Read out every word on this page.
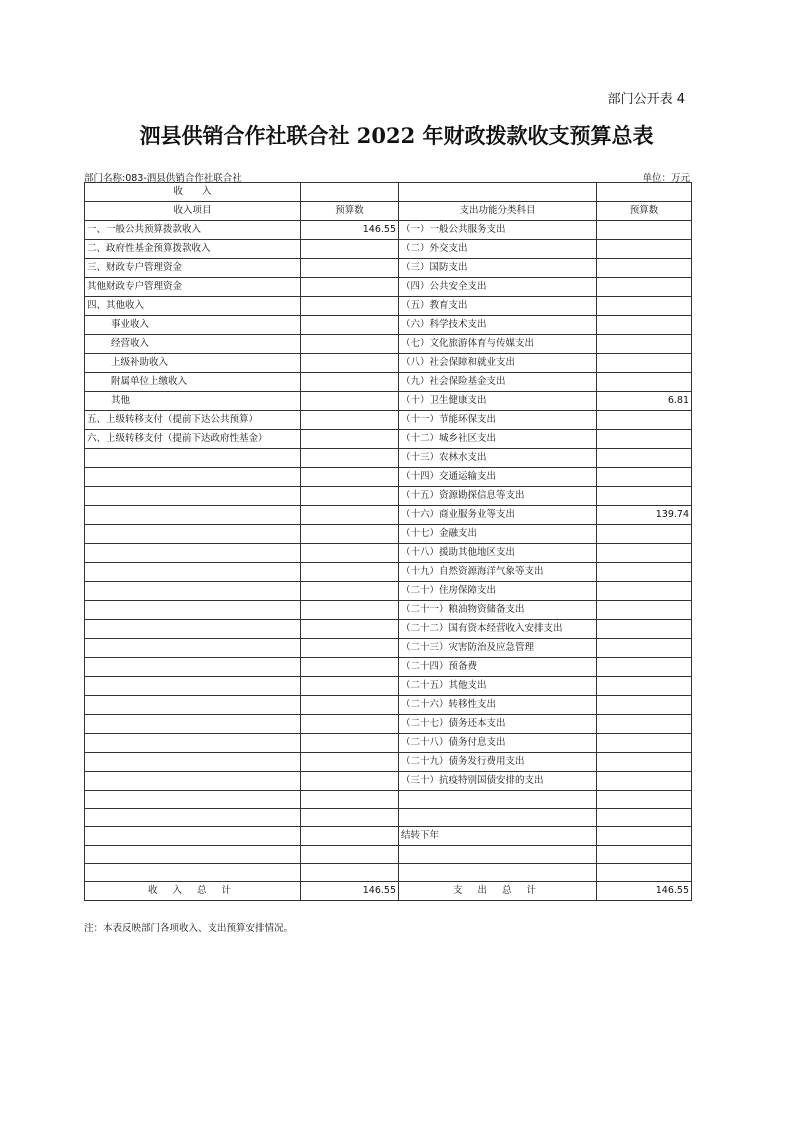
部门公开表 4
泗县供销合作社联合社 2022 年财政拨款收支预算总表
部门名称:083-泗县供销合作社联合社	单位：万元
收　　入			
收入项目	预算数	支出功能分类科目	预算数
一、一般公共预算拨款收入	146.55	（一）一般公共服务支出	
二、政府性基金预算拨款收入		（二）外交支出	
三、财政专户管理资金		（三）国防支出	
其他财政专户管理资金		（四）公共安全支出	
四、其他收入		（五）教育支出	
事业收入		（六）科学技术支出	
经营收入		（七）文化旅游体育与传媒支出	
上级补助收入		（八）社会保障和就业支出	
附属单位上缴收入		（九）社会保险基金支出	
其他		（十）卫生健康支出	6.81
五、上级转移支付（提前下达公共预算）		（十一）节能环保支出	
六、上级转移支付（提前下达政府性基金）		（十二）城乡社区支出	
		（十三）农林水支出	
		（十四）交通运输支出	
		（十五）资源勘探信息等支出	
		（十六）商业服务业等支出	139.74
		（十七）金融支出	
		（十八）援助其他地区支出	
		（十九）自然资源海洋气象等支出	
		（二十）住房保障支出	
		（二十一）粮油物资储备支出	
		（二十二）国有资本经营收入安排支出	
		（二十三）灾害防治及应急管理	
		（二十四）预备费	
		（二十五）其他支出	
		（二十六）转移性支出	
		（二十七）债务还本支出	
		（二十八）债务付息支出	
		（二十九）债务发行费用支出	
		（三十）抗疫特别国债安排的支出	

		结转下年	

收 入 总 计	146.55	支 出 总 计	146.55
注：本表反映部门各项收入、支出预算安排情况。
